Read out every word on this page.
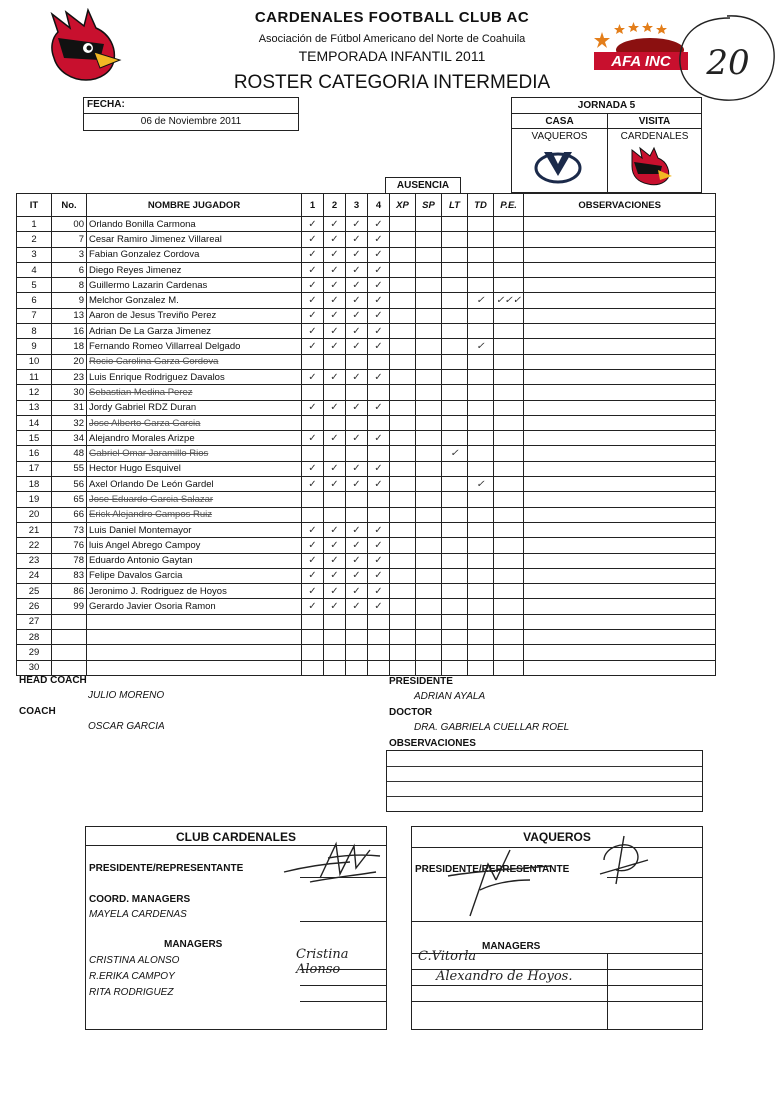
CARDENALES FOOTBALL CLUB AC
Asociación de Fútbol Americano del Norte de Coahuila
TEMPORADA INFANTIL 2011
ROSTER CATEGORIA INTERMEDIA
AFA INC 20
FECHA:
06 de Noviembre 2011
JORNADA 5
CASA	VISITA
VAQUEROS	CARDENALES
AUSENCIA
IT	No.	NOMBRE JUGADOR	1	2	3	4	XP	SP	LT	TD	P.E.	OBSERVACIONES
1	00	Orlando Bonilla Carmona	✓	✓	✓	✓						
2	7	Cesar Ramiro Jimenez Villareal	✓	✓	✓	✓						
3	3	Fabian Gonzalez Cordova	✓	✓	✓	✓						
4	6	Diego Reyes Jimenez	✓	✓	✓	✓						
5	8	Guillermo Lazarin Cardenas	✓	✓	✓	✓						
6	9	Melchor Gonzalez M.	✓	✓	✓	✓				✓	✓✓✓	
7	13	Aaron de Jesus Treviño Perez	✓	✓	✓	✓						
8	16	Adrian De La Garza Jimenez	✓	✓	✓	✓						
9	18	Fernando Romeo Villarreal Delgado	✓	✓	✓	✓				✓		
10	20	Rocio Carolina Garza Cordova										
11	23	Luis Enrique Rodriguez Davalos	✓	✓	✓	✓						
12	30	Sebastian Medina Perez										
13	31	Jordy Gabriel RDZ Duran	✓	✓	✓	✓						
14	32	Jose Alberto Garza Garcia										
15	34	Alejandro Morales Arizpe	✓	✓	✓	✓						
16	48	Gabriel Omar Jaramillo Rios							✓			
17	55	Hector Hugo Esquivel	✓	✓	✓	✓						
18	56	Axel Orlando De León Gardel	✓	✓	✓	✓				✓		
19	65	Jose Eduardo Garcia Salazar										
20	66	Erick Alejandro Campos Ruiz										
21	73	Luis Daniel Montemayor	✓	✓	✓	✓						
22	76	luis Angel Abrego Campoy	✓	✓	✓	✓						
23	78	Eduardo Antonio Gaytan	✓	✓	✓	✓						
24	83	Felipe Davalos Garcia	✓	✓	✓	✓						
25	86	Jeronimo J. Rodriguez de Hoyos	✓	✓	✓	✓						
26	99	Gerardo Javier Osoria Ramon	✓	✓	✓	✓						
27												
28												
29												
30												
HEAD COACH
JULIO MORENO
COACH
OSCAR GARCIA
PRESIDENTE
ADRIAN AYALA
DOCTOR
DRA. GABRIELA CUELLAR ROEL
OBSERVACIONES
CLUB CARDENALES
PRESIDENTE/REPRESENTANTE
COORD. MANAGERS
MAYELA CARDENAS
MANAGERS
CRISTINA ALONSO
R.ERIKA CAMPOY
RITA RODRIGUEZ
Cristina Alonso
VAQUEROS
PRESIDENTE/REPRESENTANTE
MANAGERS
C.Vitorla
Alexandro de Hoyos.
